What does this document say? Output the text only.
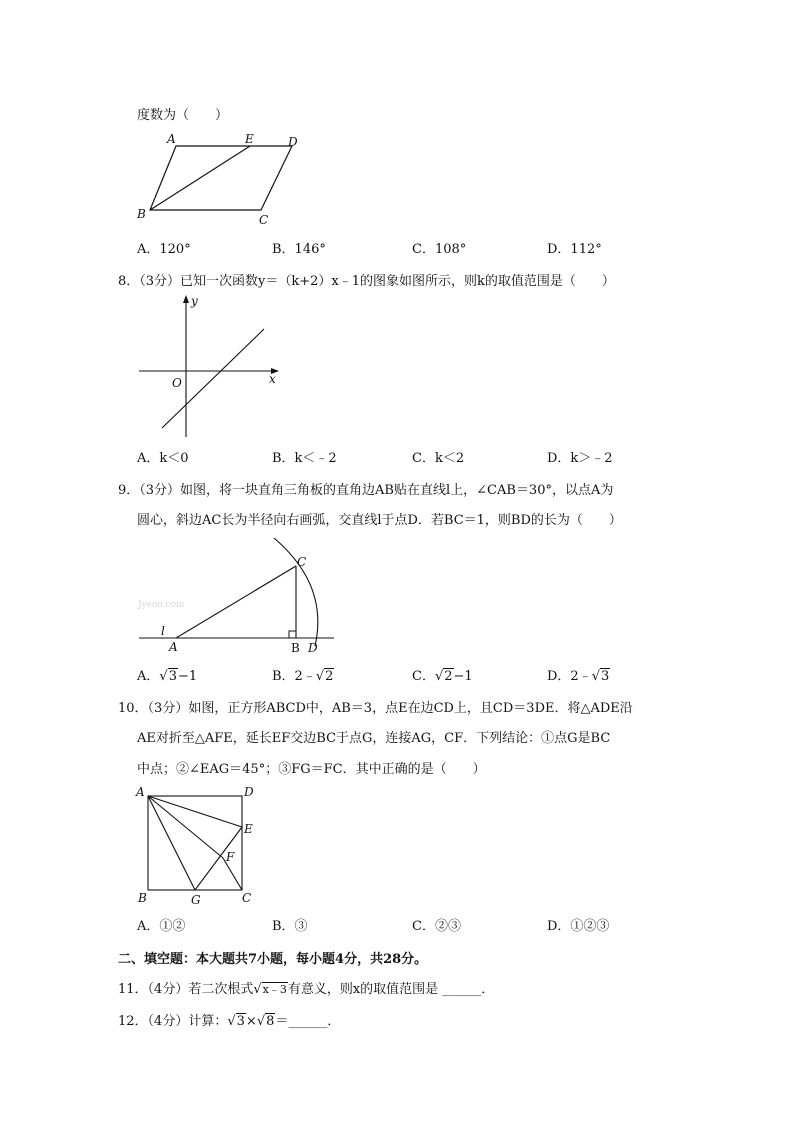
度数为（　　）
A	E	D
B	C
A．120°	B．146°	C．108°	D．112°
8．（3分）已知一次函数y＝（k+2）x﹣1的图象如图所示，则k的取值范围是（　　）
y
x
O
A．k＜0	B．k＜﹣2	C．k＜2	D．k＞﹣2
9．（3分）如图，将一块直角三角板的直角边AB贴在直线l上，∠CAB＝30°，以点A为
圆心，斜边AC长为半径向右画弧，交直线l于点D．若BC＝1，则BD的长为（　　）
Jyeoo.com
C
l
A	B D
A．√3−1	B．2﹣√2	C．√2−1	D．2﹣√3
10．（3分）如图，正方形ABCD中，AB＝3，点E在边CD上，且CD＝3DE．将△ADE沿
AE对折至△AFE，延长EF交边BC于点G，连接AG，CF．下列结论：①点G是BC
中点；②∠EAG＝45°；③FG＝FC．其中正确的是（　　）
A	D
E
F
B	G	C
A．①②	B．③	C．②③	D．①②③
二、填空题：本大题共7小题，每小题4分，共28分。
11．（4分）若二次根式√x﹣3有意义，则x的取值范围是 ______．
12．（4分）计算：√3×√8＝______．
